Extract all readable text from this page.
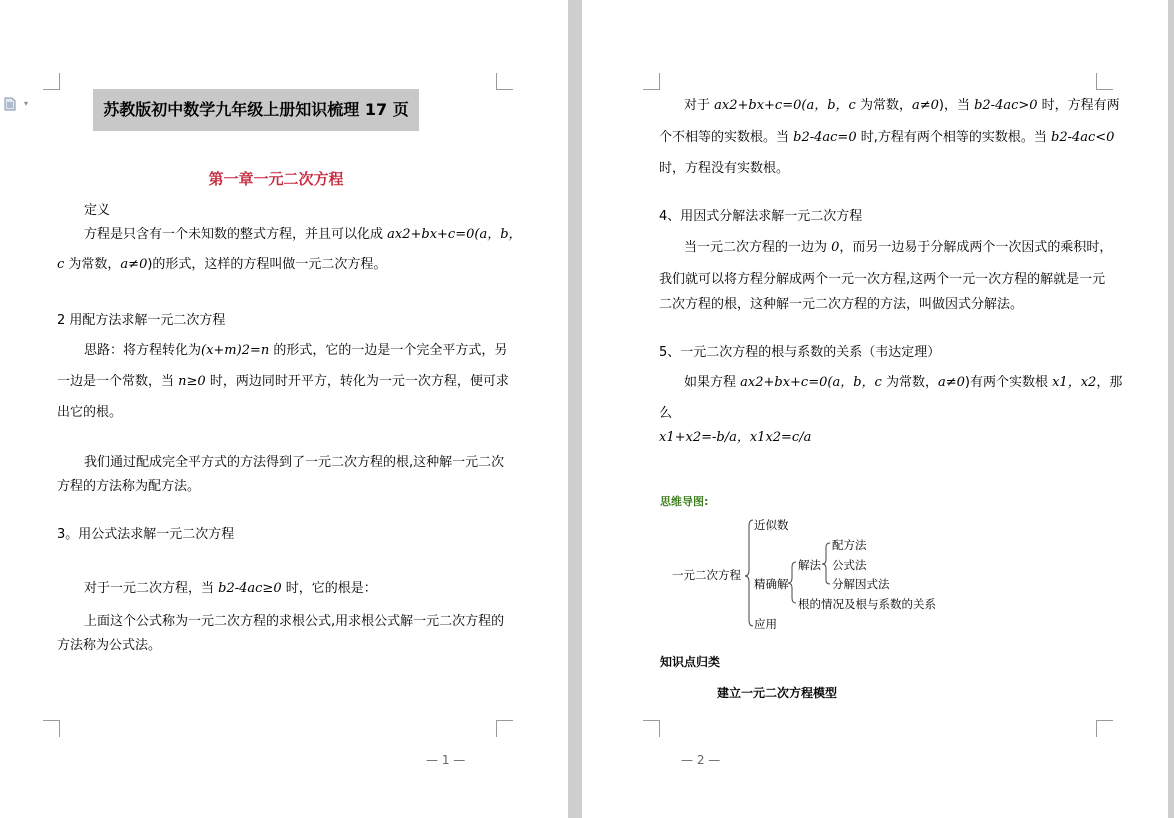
▾	苏教版初中数学九年级上册知识梳理 17 页
第一章一元二次方程
定义
方程是只含有一个未知数的整式方程，并且可以化成 ax2+bx+c=0(a，b，
c 为常数，a≠0)的形式，这样的方程叫做一元二次方程。
2 用配方法求解一元二次方程
思路：将方程转化为(x+m)2=n 的形式，它的一边是一个完全平方式，另
一边是一个常数，当 n≥0 时，两边同时开平方，转化为一元一次方程，便可求
出它的根。
我们通过配成完全平方式的方法得到了一元二次方程的根,这种解一元二次
方程的方法称为配方法。
3。用公式法求解一元二次方程
对于一元二次方程，当 b2-4ac≥0 时，它的根是：
上面这个公式称为一元二次方程的求根公式,用求根公式解一元二次方程的
方法称为公式法。
— 1 —
对于 ax2+bx+c=0(a，b，c 为常数，a≠0)，当 b2-4ac>0 时，方程有两
个不相等的实数根。当 b2-4ac=0 时,方程有两个相等的实数根。当 b2-4ac<0
时，方程没有实数根。
4、用因式分解法求解一元二次方程
当一元二次方程的一边为 0，而另一边易于分解成两个一次因式的乘积时，
我们就可以将方程分解成两个一元一次方程,这两个一元一次方程的解就是一元
二次方程的根，这种解一元二次方程的方法，叫做因式分解法。
5、一元二次方程的根与系数的关系（韦达定理）
如果方程 ax2+bx+c=0(a，b，c 为常数，a≠0)有两个实数根 x1，x2，那
么
x1+x2=-b/a，x1x2=c/a
思维导图:
一元二次方程
近似数
精确解
应用
解法
根的情况及根与系数的关系
配方法
公式法
分解因式法
知识点归类
建立一元二次方程模型
— 2 —
